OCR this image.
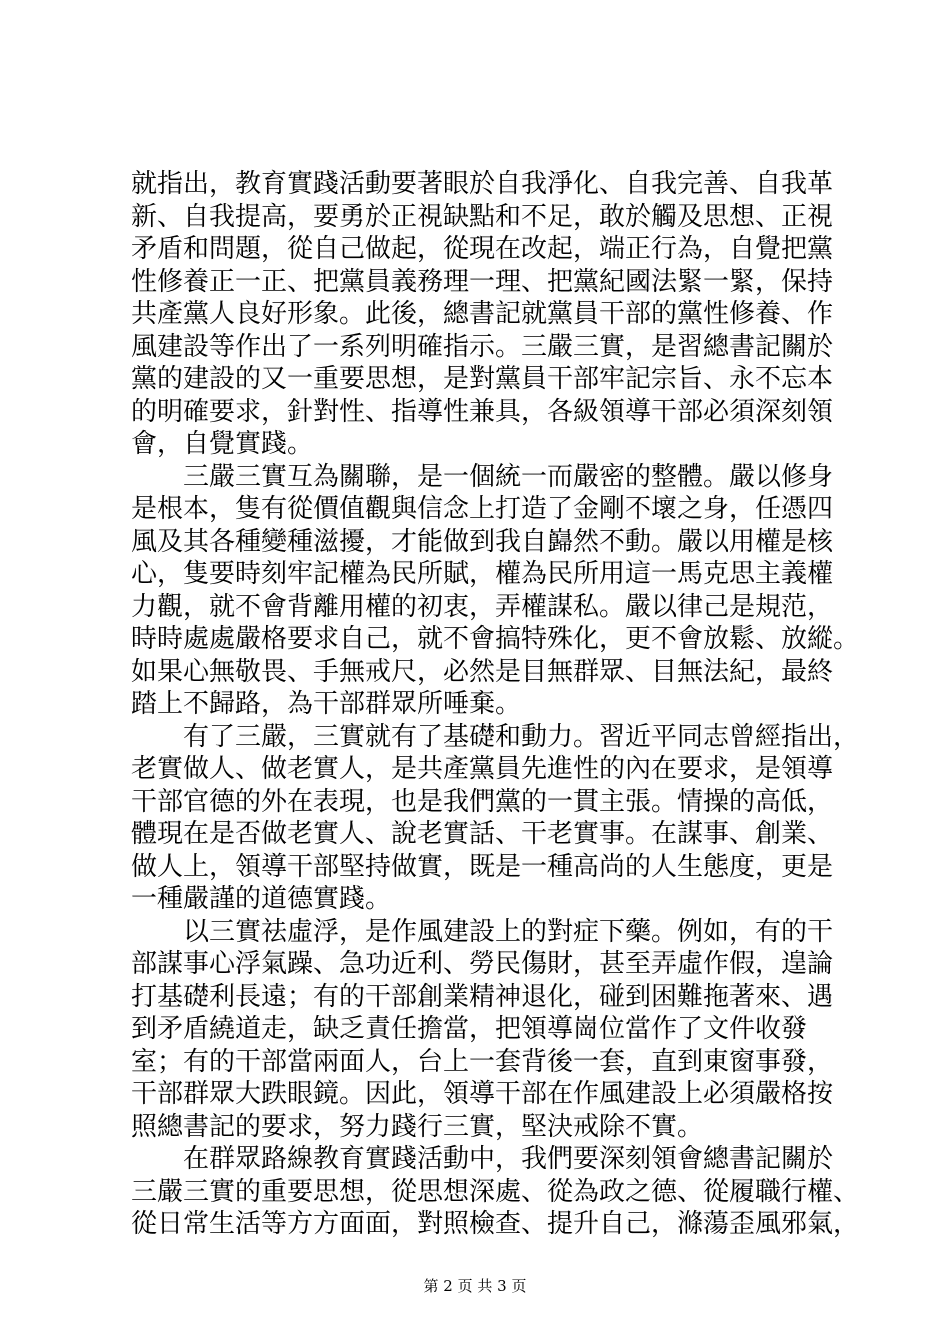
就指出，教育實踐活動要著眼於自我淨化、自我完善、自我革
新、自我提高，要勇於正視缺點和不足，敢於觸及思想、正視
矛盾和問題，從自己做起，從現在改起，端正行為，自覺把黨
性修養正一正、把黨員義務理一理、把黨紀國法緊一緊，保持
共產黨人良好形象。此後，總書記就黨員干部的黨性修養、作
風建設等作出了一系列明確指示。三嚴三實，是習總書記關於
黨的建設的又一重要思想，是對黨員干部牢記宗旨、永不忘本
的明確要求，針對性、指導性兼具，各級領導干部必須深刻領
會，自覺實踐。
三嚴三實互為關聯，是一個統一而嚴密的整體。嚴以修身
是根本，隻有從價值觀與信念上打造了金剛不壞之身，任憑四
風及其各種變種滋擾，才能做到我自巋然不動。嚴以用權是核
心，隻要時刻牢記權為民所賦，權為民所用這一馬克思主義權
力觀，就不會背離用權的初衷，弄權謀私。嚴以律己是規范，
時時處處嚴格要求自己，就不會搞特殊化，更不會放鬆、放縱。
如果心無敬畏、手無戒尺，必然是目無群眾、目無法紀，最終
踏上不歸路，為干部群眾所唾棄。
有了三嚴，三實就有了基礎和動力。習近平同志曾經指出，
老實做人、做老實人，是共產黨員先進性的內在要求，是領導
干部官德的外在表現，也是我們黨的一貫主張。情操的高低，
體現在是否做老實人、說老實話、干老實事。在謀事、創業、
做人上，領導干部堅持做實，既是一種高尚的人生態度，更是
一種嚴謹的道德實踐。
以三實祛虛浮，是作風建設上的對症下藥。例如，有的干
部謀事心浮氣躁、急功近利、勞民傷財，甚至弄虛作假，遑論
打基礎利長遠；有的干部創業精神退化，碰到困難拖著來、遇
到矛盾繞道走，缺乏責任擔當，把領導崗位當作了文件收發
室；有的干部當兩面人，台上一套背後一套，直到東窗事發，
干部群眾大跌眼鏡。因此，領導干部在作風建設上必須嚴格按
照總書記的要求，努力踐行三實，堅決戒除不實。
在群眾路線教育實踐活動中，我們要深刻領會總書記關於
三嚴三實的重要思想，從思想深處、從為政之德、從履職行權、
從日常生活等方方面面，對照檢查、提升自己，滌蕩歪風邪氣，
第 2 页 共 3 页
